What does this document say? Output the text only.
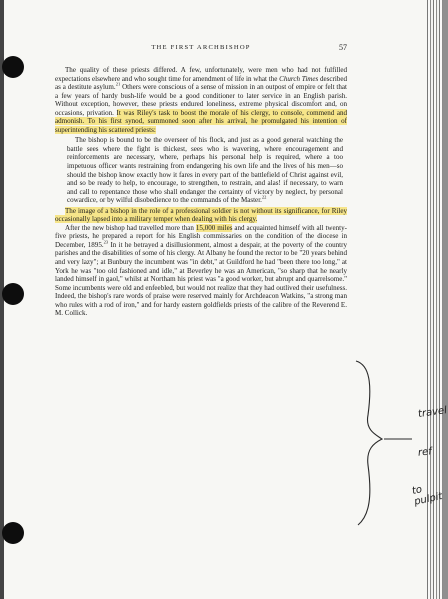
THE FIRST ARCHBISHOP	57

The quality of these priests differed. A few, unfortunately, were men who had not fulfilled expectations elsewhere and who sought time for amendment of life in what the Church Times described as a destitute asylum.$^{21}$ Others were conscious of a sense of mission in an outpost of empire or felt that a few years of hardy bush-life would be a good conditioner to later service in an English parish. Without exception, however, these priests endured loneliness, extreme physical discomfort and, on occasions, privation. It was Riley's task to boost the morale of his clergy, to console, commend and admonish. To his first synod, summoned soon after his arrival, he promulgated his intention of superintending his scattered priests:

The bishop is bound to be the overseer of his flock, and just as a good general watching the battle sees where the fight is thickest, sees who is wavering, where encouragement and reinforcements are necessary, where, perhaps his personal help is required, where a too impetuous officer wants restraining from endangering his own life and the lives of his men—so should the bishop know exactly how it fares in every part of the battlefield of Christ against evil, and so be ready to help, to encourage, to strengthen, to restrain, and alas! if necessary, to warn and call to repentance those who shall endanger the certainty of victory by neglect, by personal cowardice, or by wilful disobedience to the commands of the Master.$^{22}$

The image of a bishop in the role of a professional soldier is not without its significance, for Riley occasionally lapsed into a military temper when dealing with his clergy.

After the new bishop had travelled more than 15,000 miles and acquainted himself with all twenty-five priests, he prepared a report for his English commissaries on the condition of the diocese in December, 1895.23 In it he betrayed a disillusionment, almost a despair, at the poverty of the country parishes and the disabilities of some of his clergy. At Albany he found the rector to be "20 years behind and very lazy"; at Bunbury the incumbent was "in debt," at Guildford he had "been there too long," at York he was "too old fashioned and idle," at Beverley he was an American, "so sharp that he nearly landed himself in gaol," whilst at Northam his priest was "a good worker, but abrupt and quarrelsome." Some incumbents were old and enfeebled, but would not realize that they had outlived their usefulness. Indeed, the bishop's rare words of praise were reserved mainly for Archdeacon Watkins, "a strong man who rules with a rod of iron," and for hardy eastern goldfields priests of the calibre of the Reverend E. M. Collick.

travel
ref
to pulpit
